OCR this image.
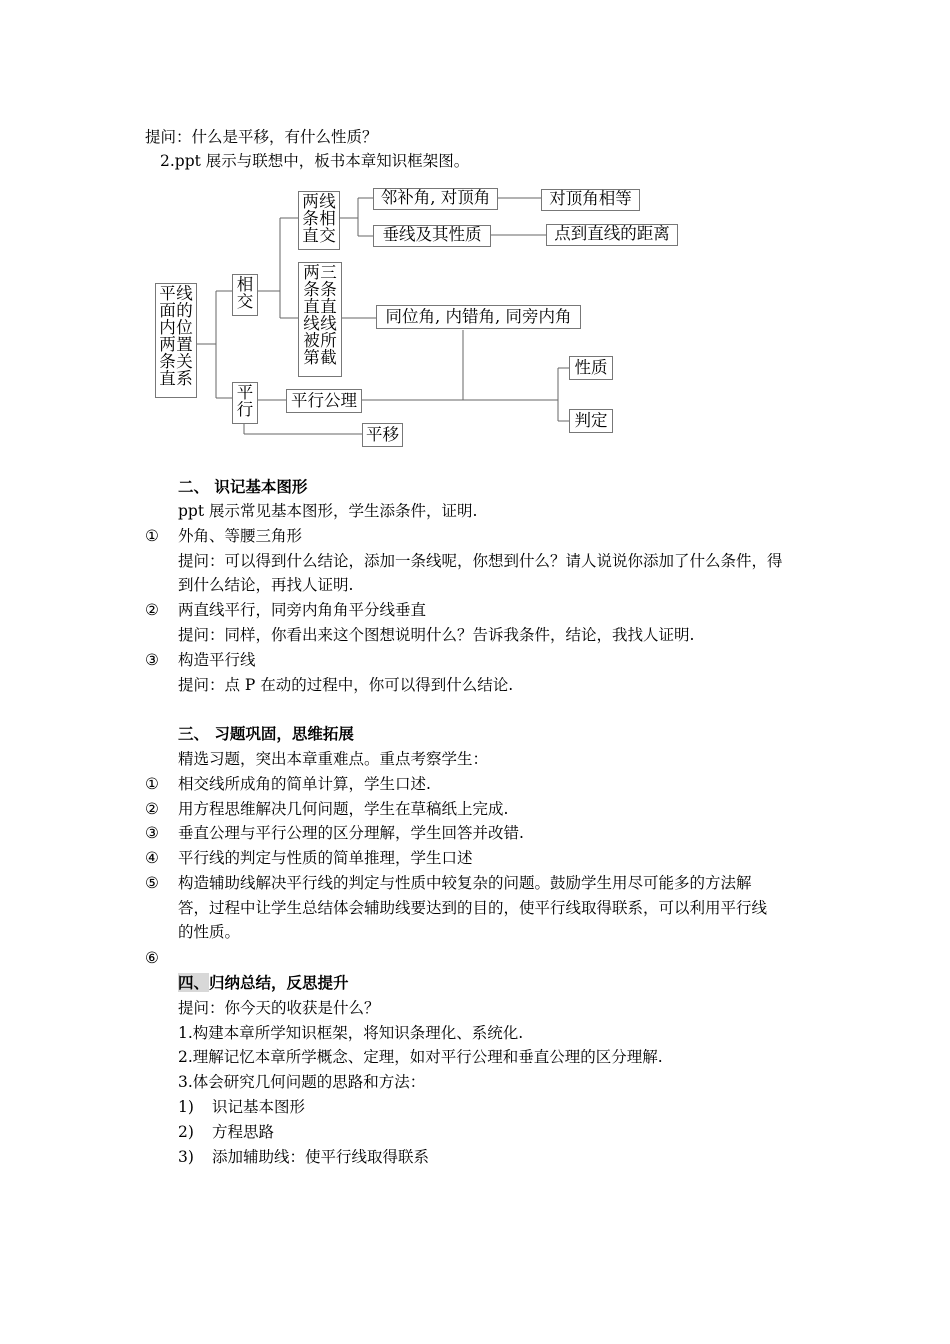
提问：什么是平移，有什么性质？
2.ppt 展示与联想中，板书本章知识框架图。
平
面
内
两
条
直
线
的
位
置
关
系
相
交
平
行
两
条
直
线
相
交
两
条
直
线
被
第
三
条
直
线
所
截
邻补角, 对顶角	对顶角相等
垂线及其性质	点到直线的距离
同位角, 内错角, 同旁内角
性质
判定
平行公理
平移
二、 识记基本图形
ppt 展示常见基本图形，学生添条件，证明.
① 外角、等腰三角形
提问：可以得到什么结论，添加一条线呢，你想到什么？请人说说你添加了什么条件，得
到什么结论，再找人证明.
② 两直线平行，同旁内角角平分线垂直
提问：同样，你看出来这个图想说明什么？告诉我条件，结论，我找人证明.
③ 构造平行线
提问：点 P 在动的过程中，你可以得到什么结论.
三、 习题巩固，思维拓展
精选习题，突出本章重难点。重点考察学生：
① 相交线所成角的简单计算，学生口述.
② 用方程思维解决几何问题，学生在草稿纸上完成.
③ 垂直公理与平行公理的区分理解，学生回答并改错.
④ 平行线的判定与性质的简单推理，学生口述
⑤ 构造辅助线解决平行线的判定与性质中较复杂的问题。鼓励学生用尽可能多的方法解
答，过程中让学生总结体会辅助线要达到的目的，使平行线取得联系，可以利用平行线
的性质。
⑥
四、归纳总结，反思提升
提问：你今天的收获是什么？
1.构建本章所学知识框架，将知识条理化、系统化.
2.理解记忆本章所学概念、定理，如对平行公理和垂直公理的区分理解.
3.体会研究几何问题的思路和方法：
1) 识记基本图形
2) 方程思路
3) 添加辅助线：使平行线取得联系
